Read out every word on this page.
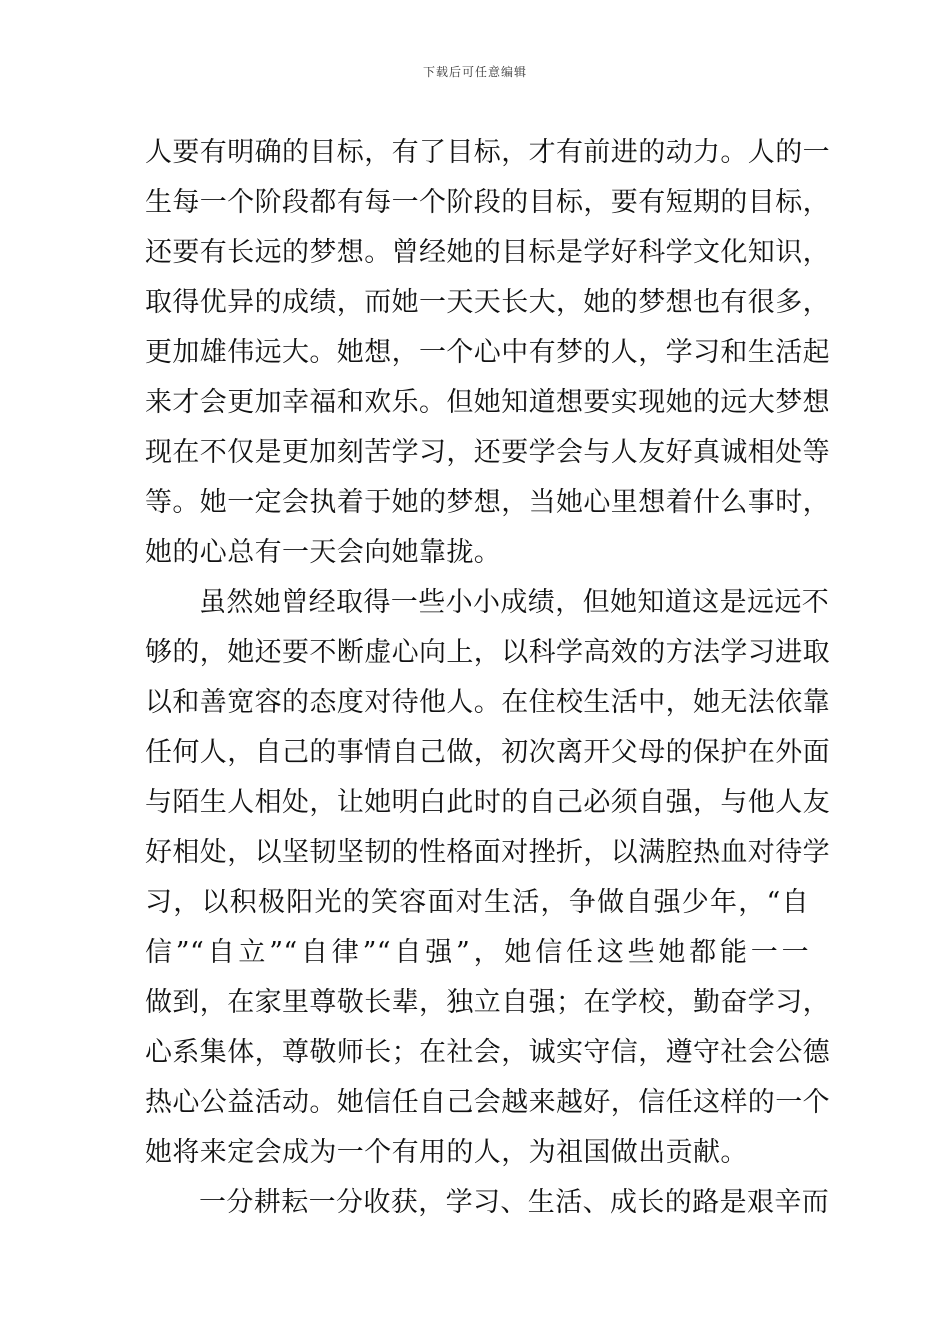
下载后可任意编辑
人要有明确的目标，有了目标，才有前进的动力。人的一
生每一个阶段都有每一个阶段的目标，要有短期的目标，
还要有长远的梦想。曾经她的目标是学好科学文化知识，
取得优异的成绩，而她一天天长大，她的梦想也有很多，
更加雄伟远大。她想，一个心中有梦的人，学习和生活起
来才会更加幸福和欢乐。但她知道想要实现她的远大梦想
现在不仅是更加刻苦学习，还要学会与人友好真诚相处等
等。她一定会执着于她的梦想，当她心里想着什么事时，
她的心总有一天会向她靠拢。
虽然她曾经取得一些小小成绩，但她知道这是远远不
够的，她还要不断虚心向上，以科学高效的方法学习进取
以和善宽容的态度对待他人。在住校生活中，她无法依靠
任何人，自己的事情自己做，初次离开父母的保护在外面
与陌生人相处，让她明白此时的自己必须自强，与他人友
好相处，以坚韧坚韧的性格面对挫折，以满腔热血对待学
习，以积极阳光的笑容面对生活，争做自强少年，“自
信”“自立”“自律”“自强”，她信任这些她都能一一
做到，在家里尊敬长辈，独立自强；在学校，勤奋学习，
心系集体，尊敬师长；在社会，诚实守信，遵守社会公德
热心公益活动。她信任自己会越来越好，信任这样的一个
她将来定会成为一个有用的人，为祖国做出贡献。
一分耕耘一分收获，学习、生活、成长的路是艰辛而
